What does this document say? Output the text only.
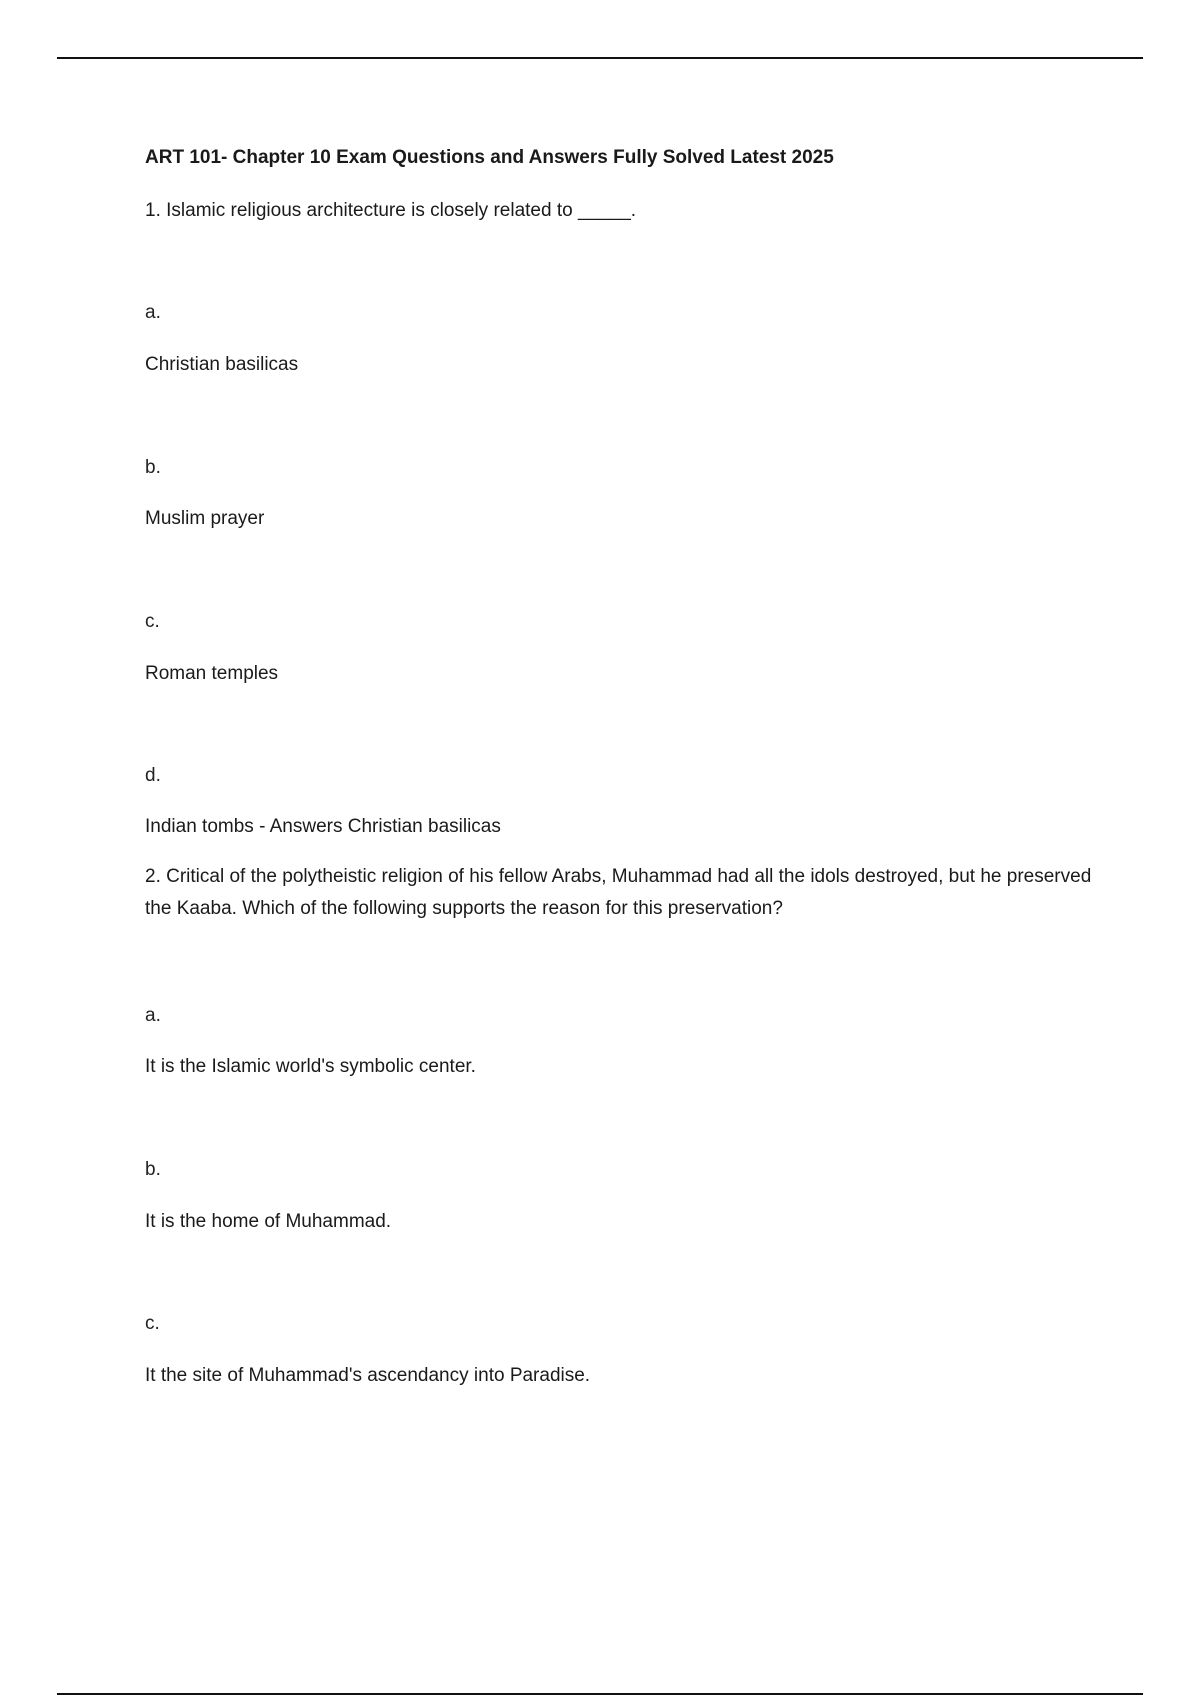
ART 101- Chapter 10 Exam Questions and Answers Fully Solved Latest 2025

1. Islamic religious architecture is closely related to _____.

a.

Christian basilicas

b.

Muslim prayer

c.

Roman temples

d.

Indian tombs - Answers Christian basilicas

2. Critical of the polytheistic religion of his fellow Arabs, Muhammad had all the idols destroyed, but he preserved the Kaaba. Which of the following supports the reason for this preservation?

a.

It is the Islamic world's symbolic center.

b.

It is the home of Muhammad.

c.

It the site of Muhammad's ascendancy into Paradise.
